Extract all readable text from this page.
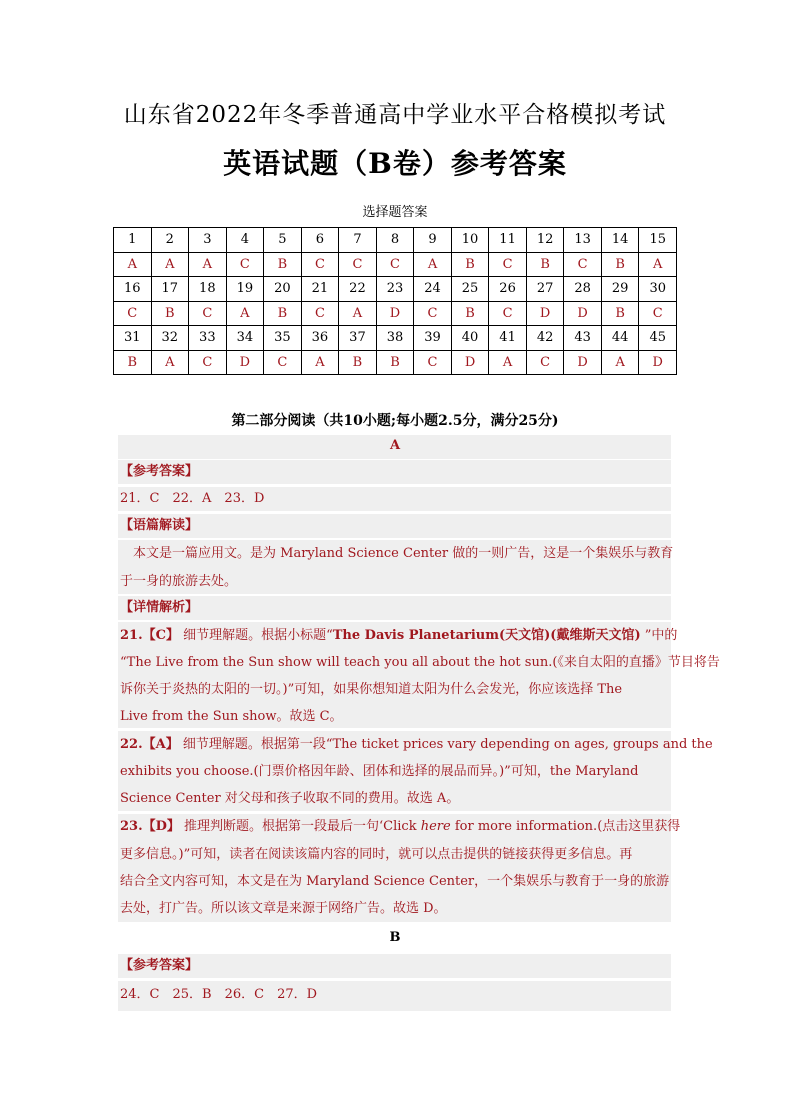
山东省2022年冬季普通高中学业水平合格模拟考试
英语试题（B卷）参考答案
选择题答案
1	2	3	4	5	6	7	8	9	10	11	12	13	14	15
A	A	A	C	B	C	C	C	A	B	C	B	C	B	A
16	17	18	19	20	21	22	23	24	25	26	27	28	29	30
C	B	C	A	B	C	A	D	C	B	C	D	D	B	C
31	32	33	34	35	36	37	38	39	40	41	42	43	44	45
B	A	C	D	C	A	B	B	C	D	A	C	D	A	D
第二部分阅读（共10小题;每小题2.5分，满分25分)
A
【参考答案】
21．C　22．A　23．D
【语篇解读】
本文是一篇应用文。是为 Maryland Science Center 做的一则广告，这是一个集娱乐与教育
于一身的旅游去处。
【详情解析】
21.【C】 细节理解题。根据小标题“The Davis Planetarium(天文馆)(戴维斯天文馆) ”中的
“The Live from the Sun show will teach you all about the hot sun.(《来自太阳的直播》节目将告
诉你关于炎热的太阳的一切。)”可知，如果你想知道太阳为什么会发光，你应该选择 The
Live from the Sun show。故选 C。
22.【A】 细节理解题。根据第一段“The ticket prices vary depending on ages, groups and the
exhibits you choose.(门票价格因年龄、团体和选择的展品而异。)”可知，the Maryland
Science Center 对父母和孩子收取不同的费用。故选 A。
23.【D】 推理判断题。根据第一段最后一句‘Click here for more information.(点击这里获得
更多信息。)”可知，读者在阅读该篇内容的同时，就可以点击提供的链接获得更多信息。再
结合全文内容可知，本文是在为 Maryland Science Center，一个集娱乐与教育于一身的旅游
去处，打广告。所以该文章是来源于网络广告。故选 D。
B
【参考答案】
24．C　25．B　26．C　27．D
